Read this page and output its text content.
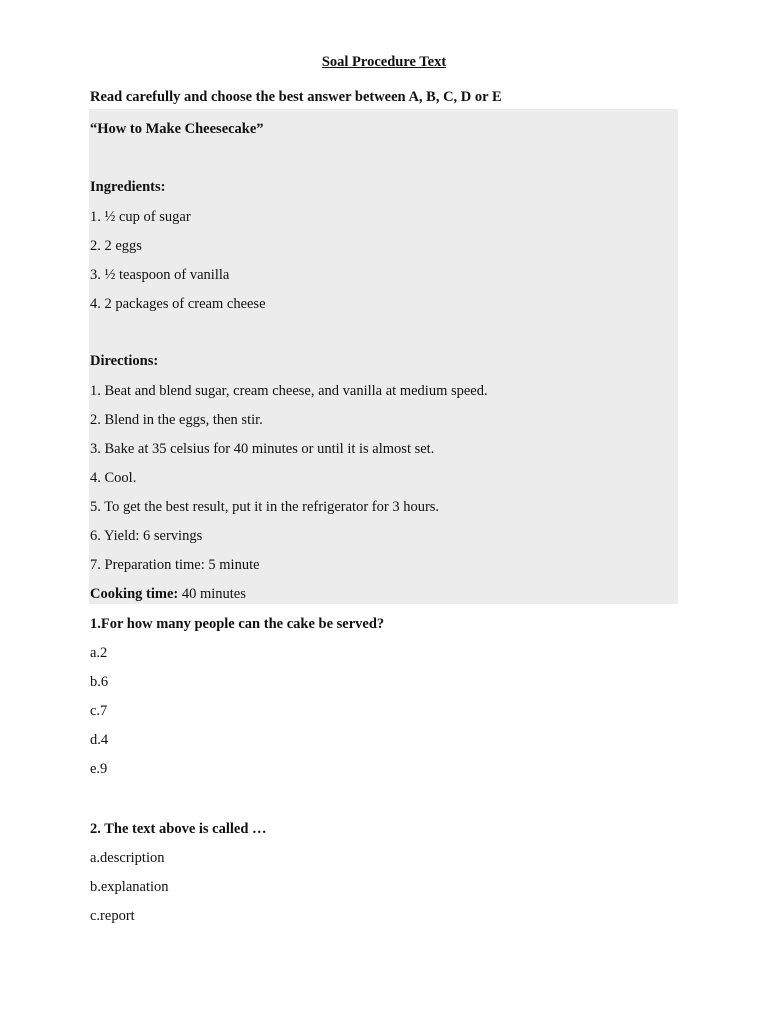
Soal Procedure Text
Read carefully and choose the best answer between A, B, C, D or E
“How to Make Cheesecake”
Ingredients:
1. ½ cup of sugar
2. 2 eggs
3. ½ teaspoon of vanilla
4. 2 packages of cream cheese
Directions:
1. Beat and blend sugar, cream cheese, and vanilla at medium speed.
2. Blend in the eggs, then stir.
3. Bake at 35 celsius for 40 minutes or until it is almost set.
4. Cool.
5. To get the best result, put it in the refrigerator for 3 hours.
6. Yield: 6 servings
7. Preparation time: 5 minute
Cooking time: 40 minutes
1.For how many people can the cake be served?
a.2
b.6
c.7
d.4
e.9
2. The text above is called …
a.description
b.explanation
c.report
